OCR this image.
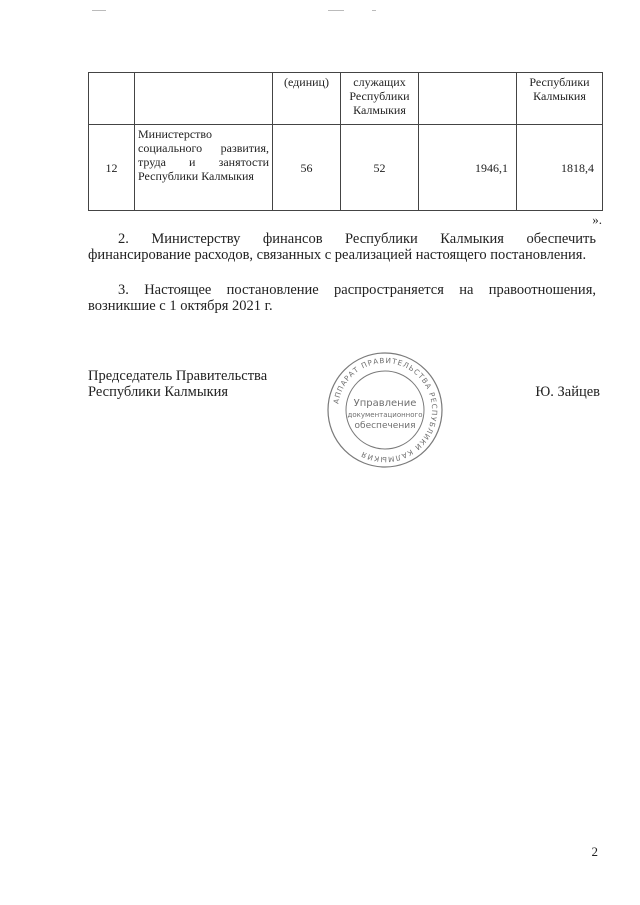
		(единиц)	служащих Республики Калмыкия		Республики Калмыкия
12	Министерство социального развития, труда и занятости Республики Калмыкия	56	52	1946,1	1818,4
».
2. Министерству финансов Республики Калмыкия обеспечить финансирование расходов, связанных с реализацией настоящего постановления.
3. Настоящее постановление распространяется на правоотношения, возникшие с 1 октября 2021 г.
Председатель Правительства
Республики Калмыкия
АППАРАТ ПРАВИТЕЛЬСТВА РЕСПУБЛИКИ КАЛМЫКИЯ
Управление
документационного
обеспечения
Ю. Зайцев
2
